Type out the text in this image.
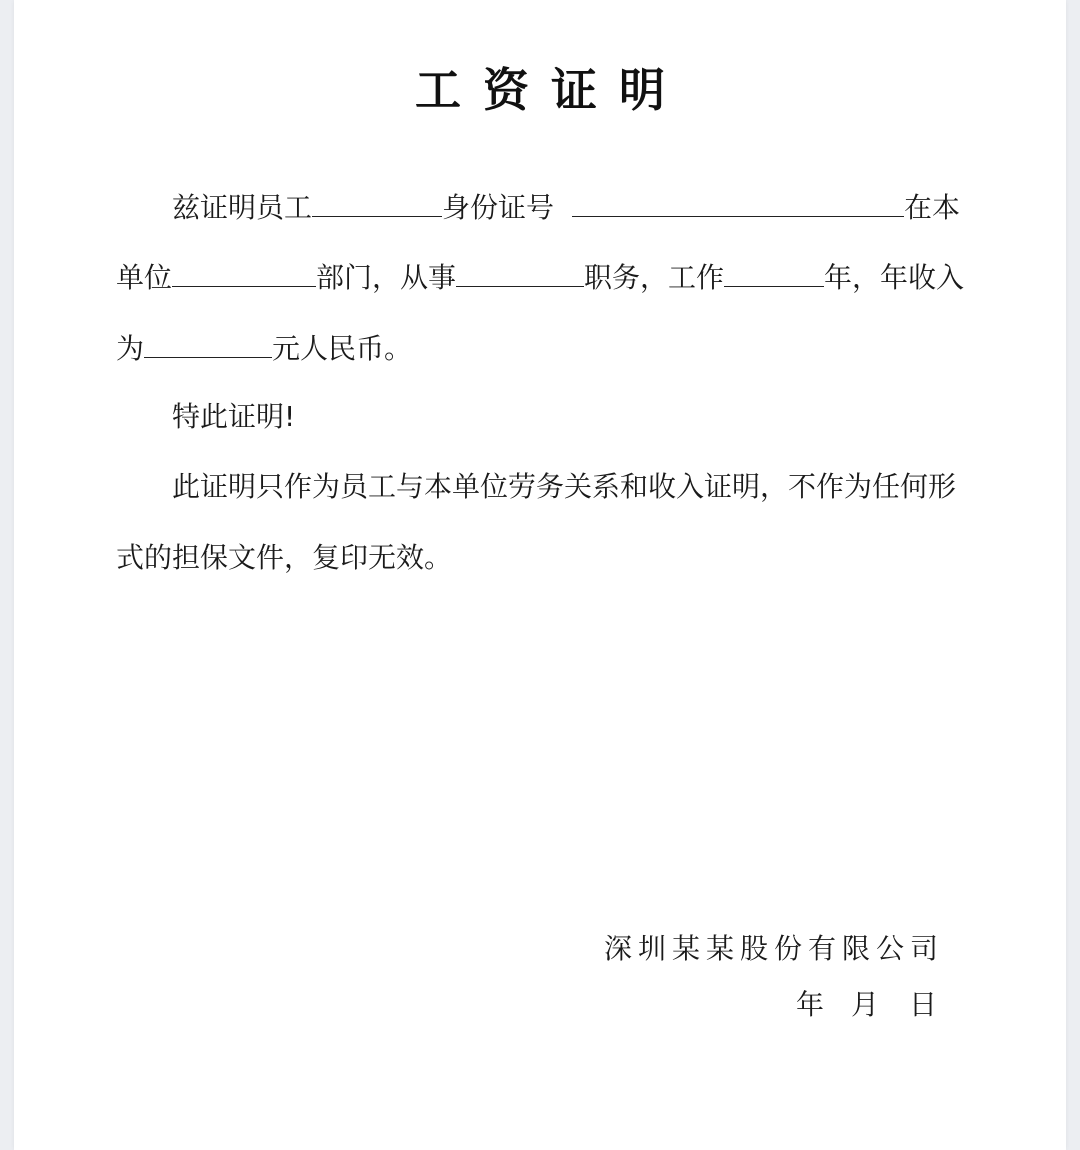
工资证明
兹证明员工	身份证号	在本
单位	部门，从事	职务，工作	年，年收入
为	元人民币。
特此证明!
此证明只作为员工与本单位劳务关系和收入证明，不作为任何形
式的担保文件，复印无效。
深圳某某股份有限公司
年 月 日
